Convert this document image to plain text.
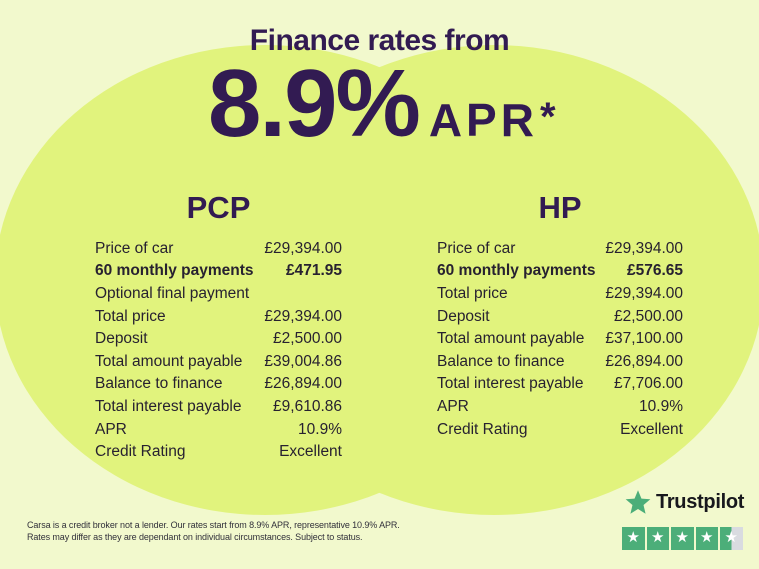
Finance rates from
8.9% APR *
PCP
Price of car	£29,394.00
60 monthly payments £471.95
Optional final payment
Total price	£29,394.00
Deposit	£2,500.00
Total amount payable £39,004.86
Balance to finance	£26,894.00
Total interest payable £9,610.86
APR	10.9%
Credit Rating	Excellent
HP
Price of car	£29,394.00
60 monthly payments £576.65
Total price	£29,394.00
Deposit	£2,500.00
Total amount payable £37,100.00
Balance to finance	£26,894.00
Total interest payable £7,706.00
APR	10.9%
Credit Rating	Excellent

Carsa is a credit broker not a lender. Our rates start from 8.9% APR, representative 10.9% APR.
Rates may differ as they are dependant on individual circumstances. Subject to status.

Trustpilot
★ ★ ★ ★ ★
